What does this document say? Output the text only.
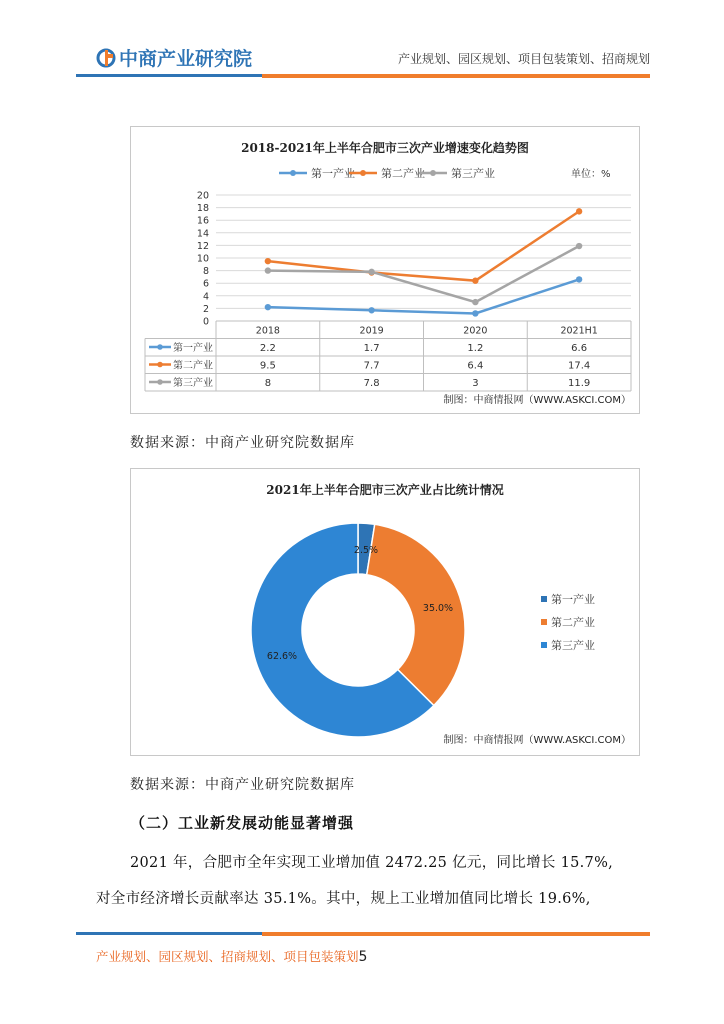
中商产业研究院	产业规划、园区规划、项目包装策划、招商规划
2018-2021年上半年合肥市三次产业增速变化趋势图
第一产业 第二产业 第三产业	单位：%
0
2
4
6
8
10
12
14
16
18
20
2018	2019	2020	2021H1
第一产业	2.2	1.7	1.2	6.6
第二产业	9.5	7.7	6.4	17.4
第三产业	8	7.8	3	11.9
制图：中商情报网（WWW.ASKCI.COM）
数据来源：中商产业研究院数据库
2021年上半年合肥市三次产业占比统计情况
2.5%
35.0%
62.6%
第一产业
第二产业
第三产业
制图：中商情报网（WWW.ASKCI.COM）
数据来源：中商产业研究院数据库
（二）工业新发展动能显著增强
2021 年，合肥市全年实现工业增加值 2472.25 亿元，同比增长 15.7%,
对全市经济增长贡献率达 35.1%。其中，规上工业增加值同比增长 19.6%,
产业规划、园区规划、招商规划、项目包装策划5
